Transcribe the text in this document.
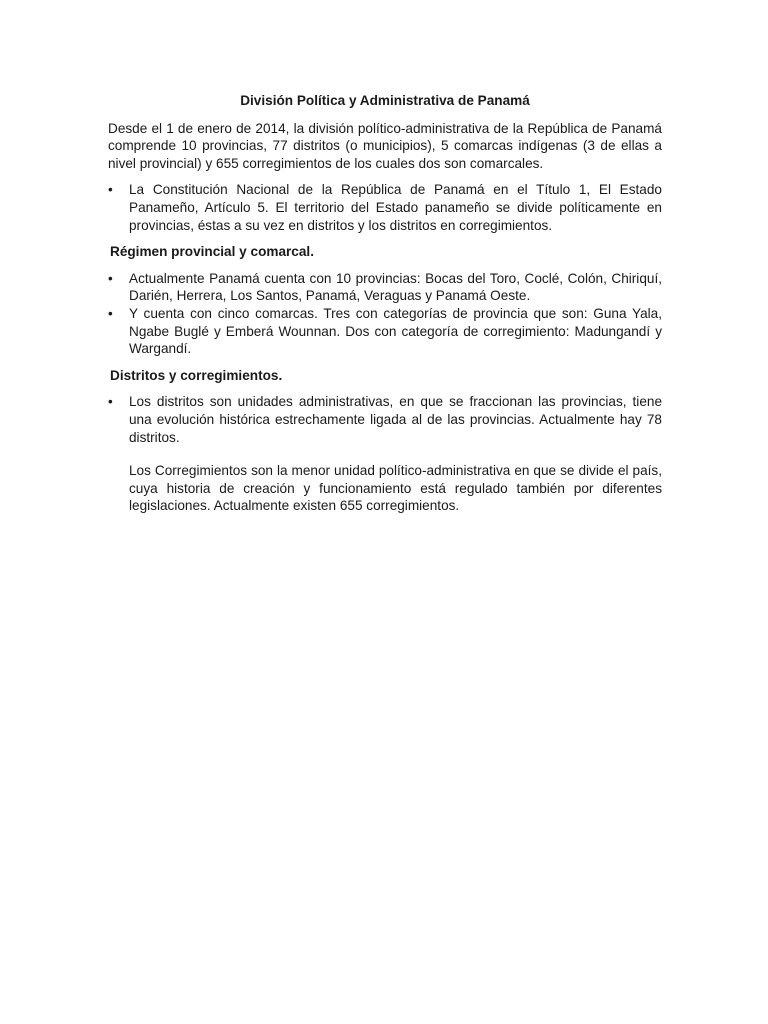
División Política y Administrativa de Panamá

Desde el 1 de enero de 2014, la división político-administrativa de la República de Panamá comprende 10 provincias, 77 distritos (o municipios), 5 comarcas indígenas (3 de ellas a nivel provincial) y 655 corregimientos de los cuales dos son comarcales.

•	La Constitución Nacional de la República de Panamá en el Título 1, El Estado Panameño, Artículo 5. El territorio del Estado panameño se divide políticamente en provincias, éstas a su vez en distritos y los distritos en corregimientos.
Régimen provincial y comarcal.
•	Actualmente Panamá cuenta con 10 provincias: Bocas del Toro, Coclé, Colón, Chiriquí, Darién, Herrera, Los Santos, Panamá, Veraguas y Panamá Oeste.
•	Y cuenta con cinco comarcas. Tres con categorías de provincia que son: Guna Yala, Ngabe Buglé y Emberá Wounnan. Dos con categoría de corregimiento: Madungandí y Wargandí.
Distritos y corregimientos.
•	Los distritos son unidades administrativas, en que se fraccionan las provincias, tiene una evolución histórica estrechamente ligada al de las provincias. Actualmente hay 78 distritos.

Los Corregimientos son la menor unidad político-administrativa en que se divide el país, cuya historia de creación y funcionamiento está regulado también por diferentes legislaciones. Actualmente existen 655 corregimientos.
